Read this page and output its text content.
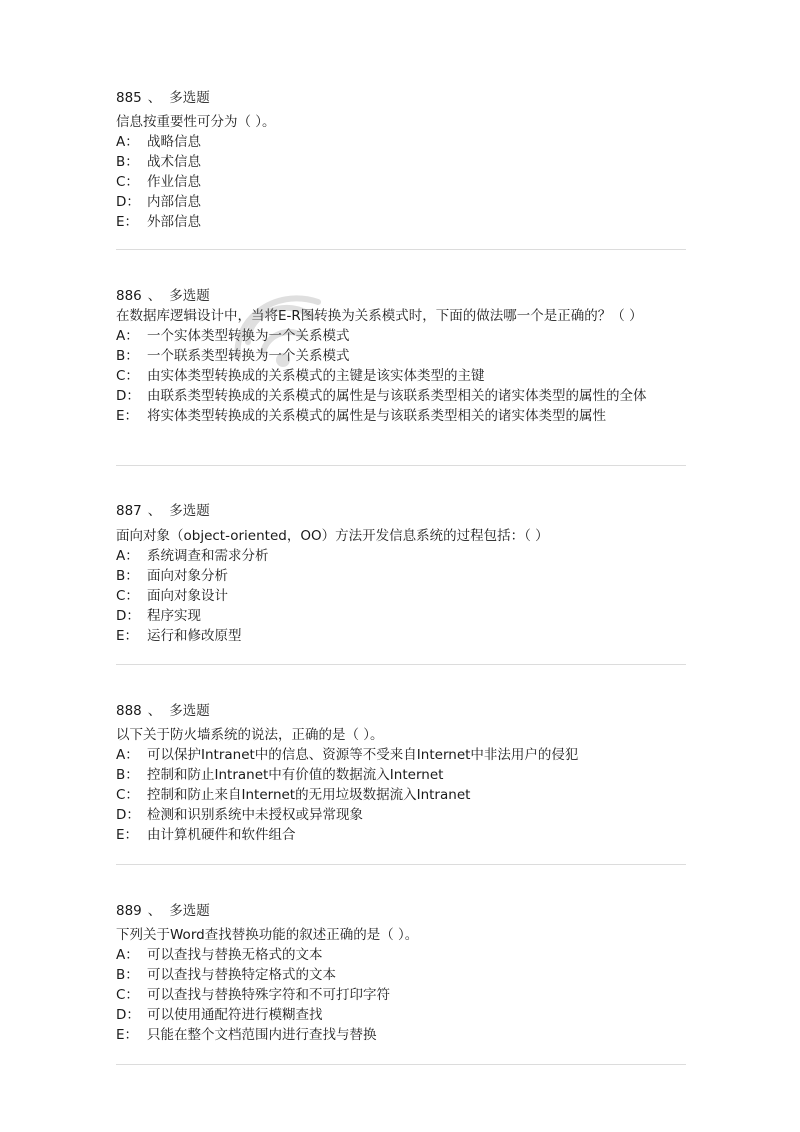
885 、 多选题
信息按重要性可分为（ ）。
A： 战略信息
B： 战术信息
C： 作业信息
D： 内部信息
E： 外部信息
886 、 多选题
在数据库逻辑设计中，当将E-R图转换为关系模式时，下面的做法哪一个是正确的？（ ）
A： 一个实体类型转换为一个关系模式
B： 一个联系类型转换为一个关系模式
C： 由实体类型转换成的关系模式的主键是该实体类型的主键
D： 由联系类型转换成的关系模式的属性是与该联系类型相关的诸实体类型的属性的全体
E： 将实体类型转换成的关系模式的属性是与该联系类型相关的诸实体类型的属性
887 、 多选题
面向对象（object-oriented，OO）方法开发信息系统的过程包括：（ ）
A： 系统调查和需求分析
B： 面向对象分析
C： 面向对象设计
D： 程序实现
E： 运行和修改原型
888 、 多选题
以下关于防火墙系统的说法，正确的是（ ）。
A： 可以保护Intranet中的信息、资源等不受来自Internet中非法用户的侵犯
B： 控制和防止Intranet中有价值的数据流入Internet
C： 控制和防止来自Internet的无用垃圾数据流入Intranet
D： 检测和识别系统中未授权或异常现象
E： 由计算机硬件和软件组合
889 、 多选题
下列关于Word查找替换功能的叙述正确的是（ ）。
A： 可以查找与替换无格式的文本
B： 可以查找与替换特定格式的文本
C： 可以查找与替换特殊字符和不可打印字符
D： 可以使用通配符进行模糊查找
E： 只能在整个文档范围内进行查找与替换
